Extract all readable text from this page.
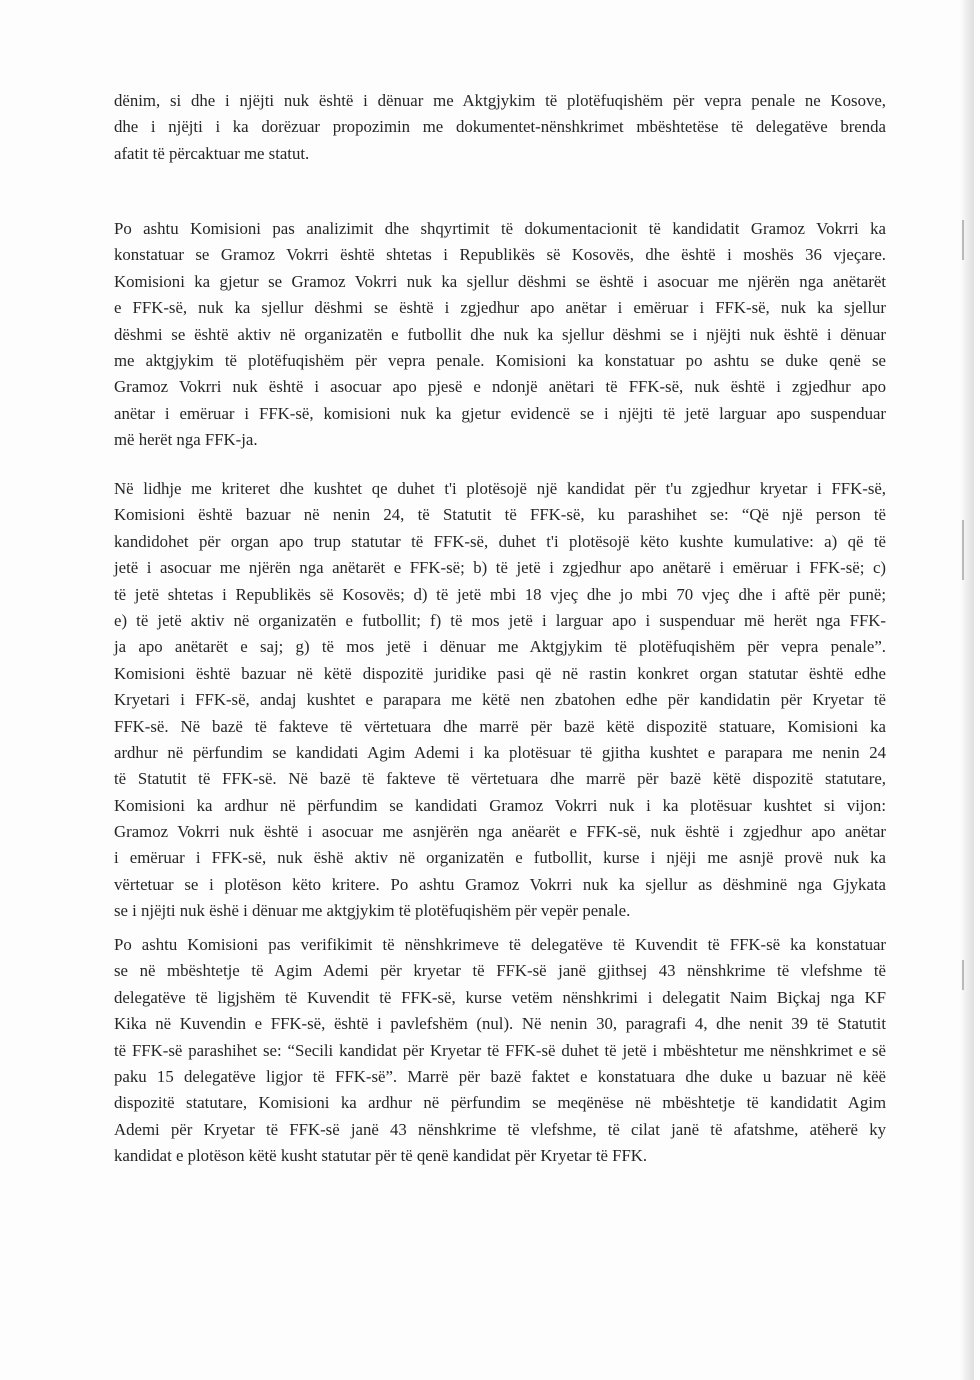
dënim, si dhe i njëjti nuk është i dënuar me Aktgjykim të plotëfuqishëm për vepra penale ne Kosove,
dhe i njëjti i ka dorëzuar propozimin me dokumentet-nënshkrimet mbështetëse të delegatëve brenda
afatit të përcaktuar me statut.
Po ashtu Komisioni pas analizimit dhe shqyrtimit të dokumentacionit të kandidatit Gramoz Vokrri ka
konstatuar se Gramoz Vokrri është shtetas i Republikës së Kosovës, dhe është i moshës 36 vjeçare.
Komisioni ka gjetur se Gramoz Vokrri nuk ka sjellur dëshmi se është i asocuar me njërën nga anëtarët
e FFK-së, nuk ka sjellur dëshmi se është i zgjedhur apo anëtar i emëruar i FFK-së, nuk ka sjellur
dëshmi se është aktiv në organizatën e futbollit dhe nuk ka sjellur dëshmi se i njëjti nuk është i dënuar
me aktgjykim të plotëfuqishëm për vepra penale. Komisioni ka konstatuar po ashtu se duke qenë se
Gramoz Vokrri nuk është i asocuar apo pjesë e ndonjë anëtari të FFK-së, nuk është i zgjedhur apo
anëtar i emëruar i FFK-së, komisioni nuk ka gjetur evidencë se i njëjti të jetë larguar apo suspenduar
më herët nga FFK-ja.
Në lidhje me kriteret dhe kushtet qe duhet t'i plotësojë një kandidat për t'u zgjedhur kryetar i FFK-së,
Komisioni është bazuar në nenin 24, të Statutit të FFK-së, ku parashihet se: “Që një person të
kandidohet për organ apo trup statutar të FFK-së, duhet t'i plotësojë këto kushte kumulative: a) që të
jetë i asocuar me njërën nga anëtarët e FFK-së; b) të jetë i zgjedhur apo anëtarë i emëruar i FFK-së; c)
të jetë shtetas i Republikës së Kosovës; d) të jetë mbi 18 vjeç dhe jo mbi 70 vjeç dhe i aftë për punë;
e) të jetë aktiv në organizatën e futbollit; f) të mos jetë i larguar apo i suspenduar më herët nga FFK-
ja apo anëtarët e saj; g) të mos jetë i dënuar me Aktgjykim të plotëfuqishëm për vepra penale”.
Komisioni është bazuar në këtë dispozitë juridike pasi që në rastin konkret organ statutar është edhe
Kryetari i FFK-së, andaj kushtet e parapara me këtë nen zbatohen edhe për kandidatin për Kryetar të
FFK-së. Në bazë të fakteve të vërtetuara dhe marrë për bazë këtë dispozitë statuare, Komisioni ka
ardhur në përfundim se kandidati Agim Ademi i ka plotësuar të gjitha kushtet e parapara me nenin 24
të Statutit të FFK-së. Në bazë të fakteve të vërtetuara dhe marrë për bazë këtë dispozitë statutare,
Komisioni ka ardhur në përfundim se kandidati Gramoz Vokrri nuk i ka plotësuar kushtet si vijon:
Gramoz Vokrri nuk është i asocuar me asnjërën nga anëarët e FFK-së, nuk është i zgjedhur apo anëtar
i emëruar i FFK-së, nuk ëshë aktiv në organizatën e futbollit, kurse i njëji me asnjë provë nuk ka
vërtetuar se i plotëson këto kritere. Po ashtu Gramoz Vokrri nuk ka sjellur as dëshminë nga Gjykata
se i njëjti nuk ëshë i dënuar me aktgjykim të plotëfuqishëm për vepër penale.
Po ashtu Komisioni pas verifikimit të nënshkrimeve të delegatëve të Kuvendit të FFK-së ka konstatuar
se në mbështetje të Agim Ademi për kryetar të FFK-së janë gjithsej 43 nënshkrime të vlefshme të
delegatëve të ligjshëm të Kuvendit të FFK-së, kurse vetëm nënshkrimi i delegatit Naim Biçkaj nga KF
Kika në Kuvendin e FFK-së, është i pavlefshëm (nul). Në nenin 30, paragrafi 4, dhe nenit 39 të Statutit
të FFK-së parashihet se: “Secili kandidat për Kryetar të FFK-së duhet të jetë i mbështetur me nënshkrimet e së
paku 15 delegatëve ligjor të FFK-së”. Marrë për bazë faktet e konstatuara dhe duke u bazuar në këë
dispozitë statutare, Komisioni ka ardhur në përfundim se meqënëse në mbështetje të kandidatit Agim
Ademi për Kryetar të FFK-së janë 43 nënshkrime të vlefshme, të cilat janë të afatshme, atëherë ky
kandidat e plotëson këtë kusht statutar për të qenë kandidat për Kryetar të FFK.
